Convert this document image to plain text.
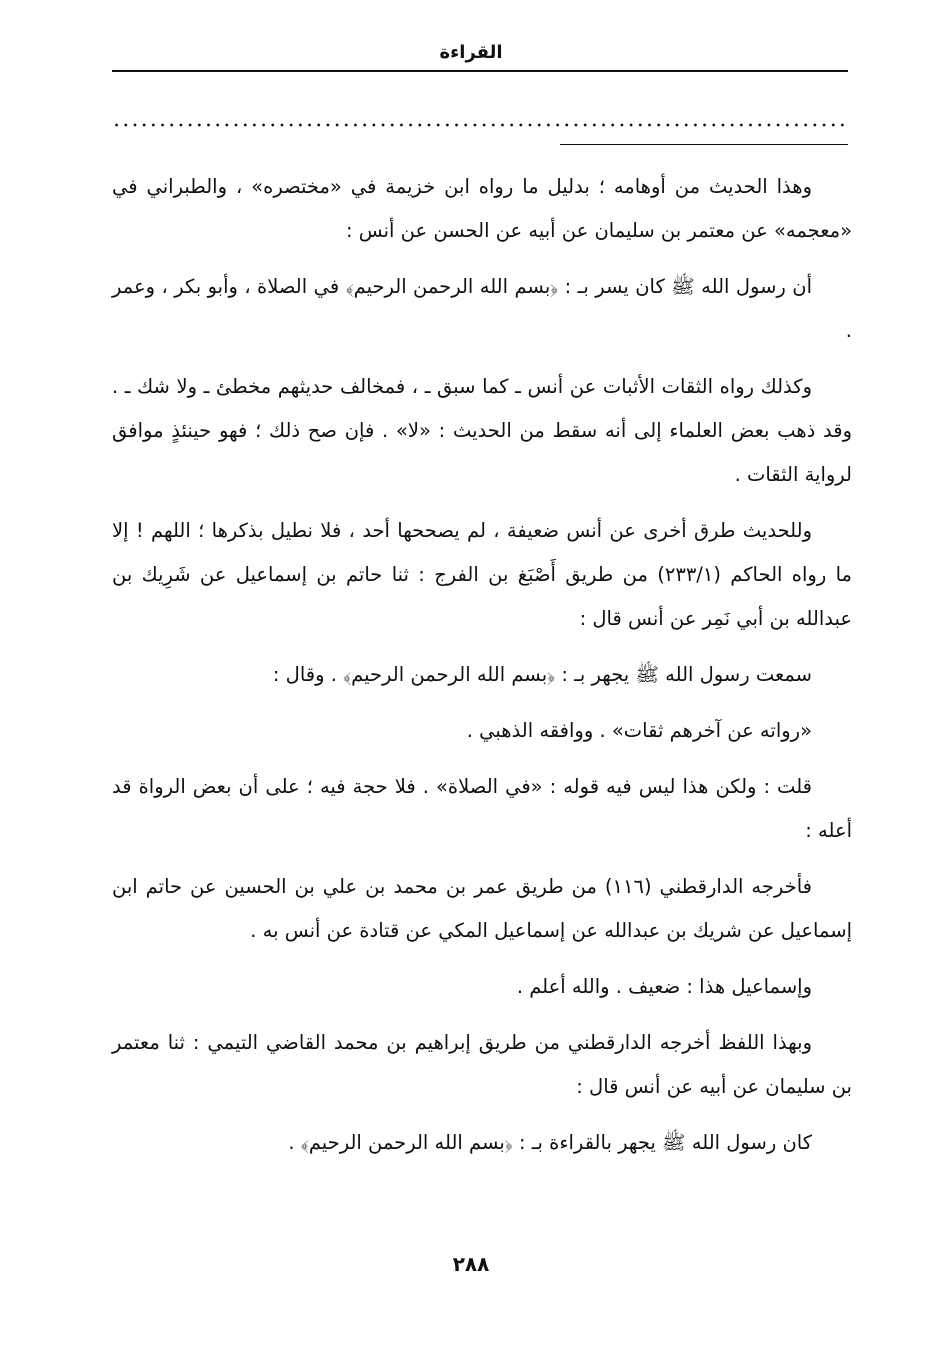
القراءة

وهذا الحديث من أوهامه ؛ بدليل ما رواه ابن خزيمة في «مختصره» ، والطبراني في «معجمه» عن معتمر بن سليمان عن أبيه عن الحسن عن أنس :

أن رسول الله ﷺ كان يسر بـ : ﴿بسم الله الرحمن الرحيم﴾ في الصلاة ، وأبو بكر ، وعمر .

وكذلك رواه الثقات الأثبات عن أنس ـ كما سبق ـ ، فمخالف حديثهم مخطئ ـ ولا شك ـ . وقد ذهب بعض العلماء إلى أنه سقط من الحديث : «لا» . فإن صح ذلك ؛ فهو حينئذٍ موافق لرواية الثقات .

وللحديث طرق أخرى عن أنس ضعيفة ، لم يصححها أحد ، فلا نطيل بذكرها ؛ اللهم ! إلا ما رواه الحاكم (٢٣٣/١) من طريق أَصْبَغ بن الفرج : ثنا حاتم بن إسماعيل عن شَرِيك بن عبدالله بن أبي نَمِر عن أنس قال :

سمعت رسول الله ﷺ يجهر بـ : ﴿بسم الله الرحمن الرحيم﴾ . وقال :

«رواته عن آخرهم ثقات» . ووافقه الذهبي .

قلت : ولكن هذا ليس فيه قوله : «في الصلاة» . فلا حجة فيه ؛ على أن بعض الرواة قد أعله :

فأخرجه الدارقطني (١١٦) من طريق عمر بن محمد بن علي بن الحسين عن حاتم ابن إسماعيل عن شريك بن عبدالله عن إسماعيل المكي عن قتادة عن أنس به .

وإسماعيل هذا : ضعيف . والله أعلم .

وبهذا اللفظ أخرجه الدارقطني من طريق إبراهيم بن محمد القاضي التيمي : ثنا معتمر بن سليمان عن أبيه عن أنس قال :

كان رسول الله ﷺ يجهر بالقراءة بـ : ﴿بسم الله الرحمن الرحيم﴾ .

٢٨٨
